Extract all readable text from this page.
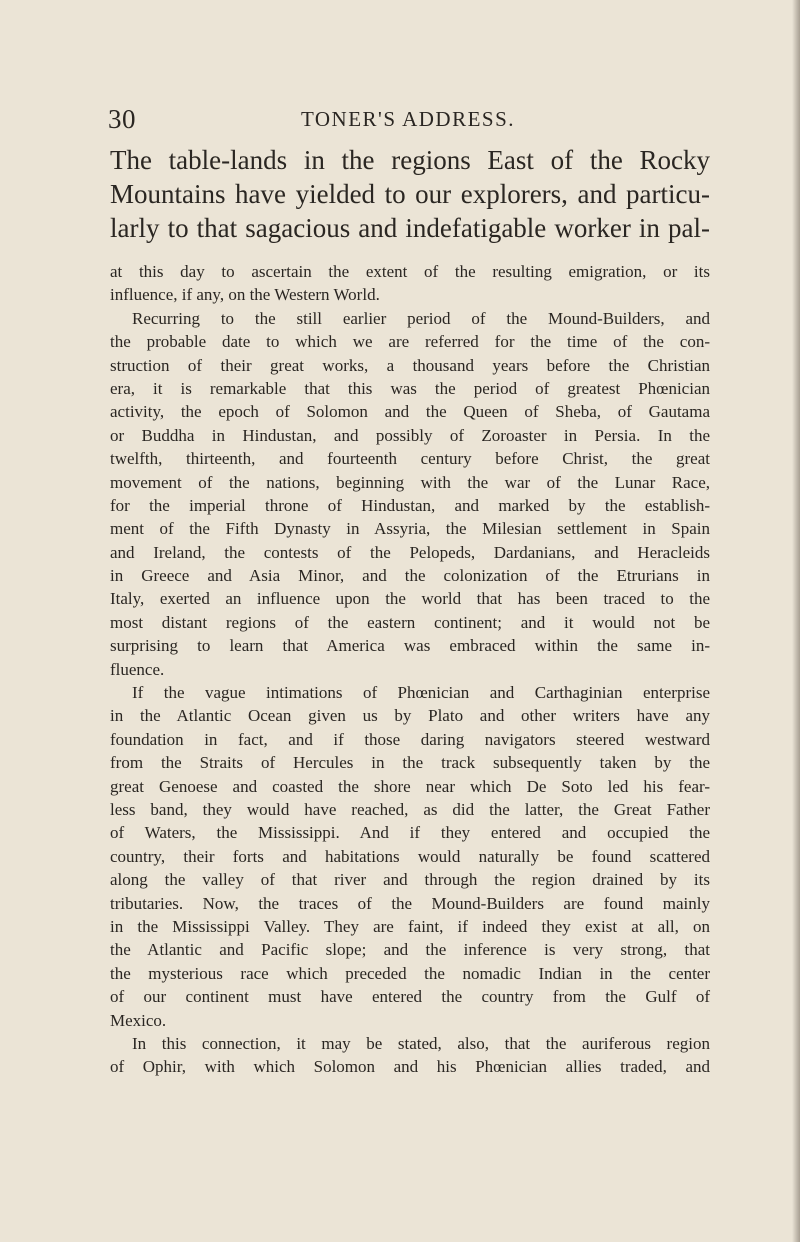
30	TONER'S ADDRESS.
The table-lands in the regions East of the Rocky
Mountains have yielded to our explorers, and particu-
larly to that sagacious and indefatigable worker in pal-
at this day to ascertain the extent of the resulting emigration, or its
influence, if any, on the Western World.
Recurring to the still earlier period of the Mound-Builders, and
the probable date to which we are referred for the time of the con-
struction of their great works, a thousand years before the Christian
era, it is remarkable that this was the period of greatest Phœnician
activity, the epoch of Solomon and the Queen of Sheba, of Gautama
or Buddha in Hindustan, and possibly of Zoroaster in Persia. In the
twelfth, thirteenth, and fourteenth century before Christ, the great
movement of the nations, beginning with the war of the Lunar Race,
for the imperial throne of Hindustan, and marked by the establish-
ment of the Fifth Dynasty in Assyria, the Milesian settlement in Spain
and Ireland, the contests of the Pelopeds, Dardanians, and Heracleids
in Greece and Asia Minor, and the colonization of the Etrurians in
Italy, exerted an influence upon the world that has been traced to the
most distant regions of the eastern continent; and it would not be
surprising to learn that America was embraced within the same in-
fluence.
If the vague intimations of Phœnician and Carthaginian enterprise
in the Atlantic Ocean given us by Plato and other writers have any
foundation in fact, and if those daring navigators steered westward
from the Straits of Hercules in the track subsequently taken by the
great Genoese and coasted the shore near which De Soto led his fear-
less band, they would have reached, as did the latter, the Great Father
of Waters, the Mississippi. And if they entered and occupied the
country, their forts and habitations would naturally be found scattered
along the valley of that river and through the region drained by its
tributaries. Now, the traces of the Mound-Builders are found mainly
in the Mississippi Valley. They are faint, if indeed they exist at all, on
the Atlantic and Pacific slope; and the inference is very strong, that
the mysterious race which preceded the nomadic Indian in the center
of our continent must have entered the country from the Gulf of
Mexico.
In this connection, it may be stated, also, that the auriferous region
of Ophir, with which Solomon and his Phœnician allies traded, and
